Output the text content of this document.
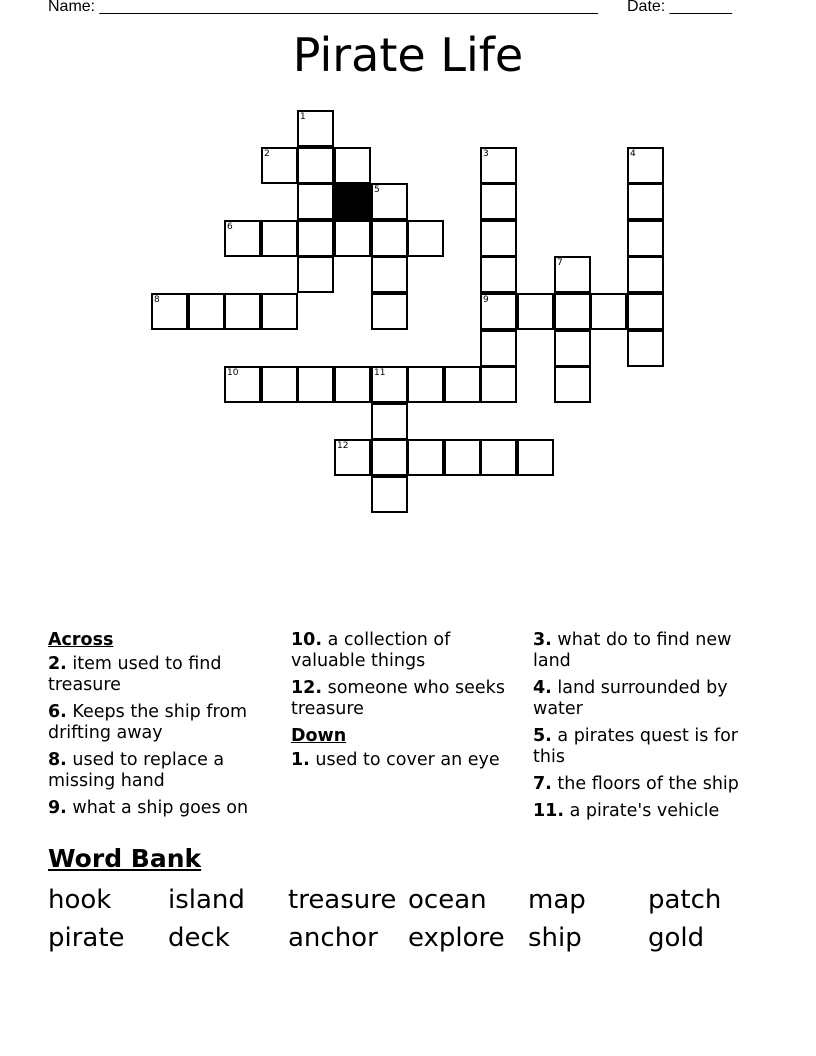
Name: ________________________________________________________ Date: _______
Pirate Life
1
2	3
9
4
5
6
7
8
10	11
12
Across
2. item used to find treasure
6. Keeps the ship from drifting away
8. used to replace a missing hand
9. what a ship goes on
10. a collection of valuable things
12. someone who seeks treasure
Down
1. used to cover an eye
3. what do to find new land
4. land surrounded by water
5. a pirates quest is for this
7. the floors of the ship
11. a pirate's vehicle
Word Bank
hook island treasure ocean map patch
pirate deck anchor explore ship	gold
